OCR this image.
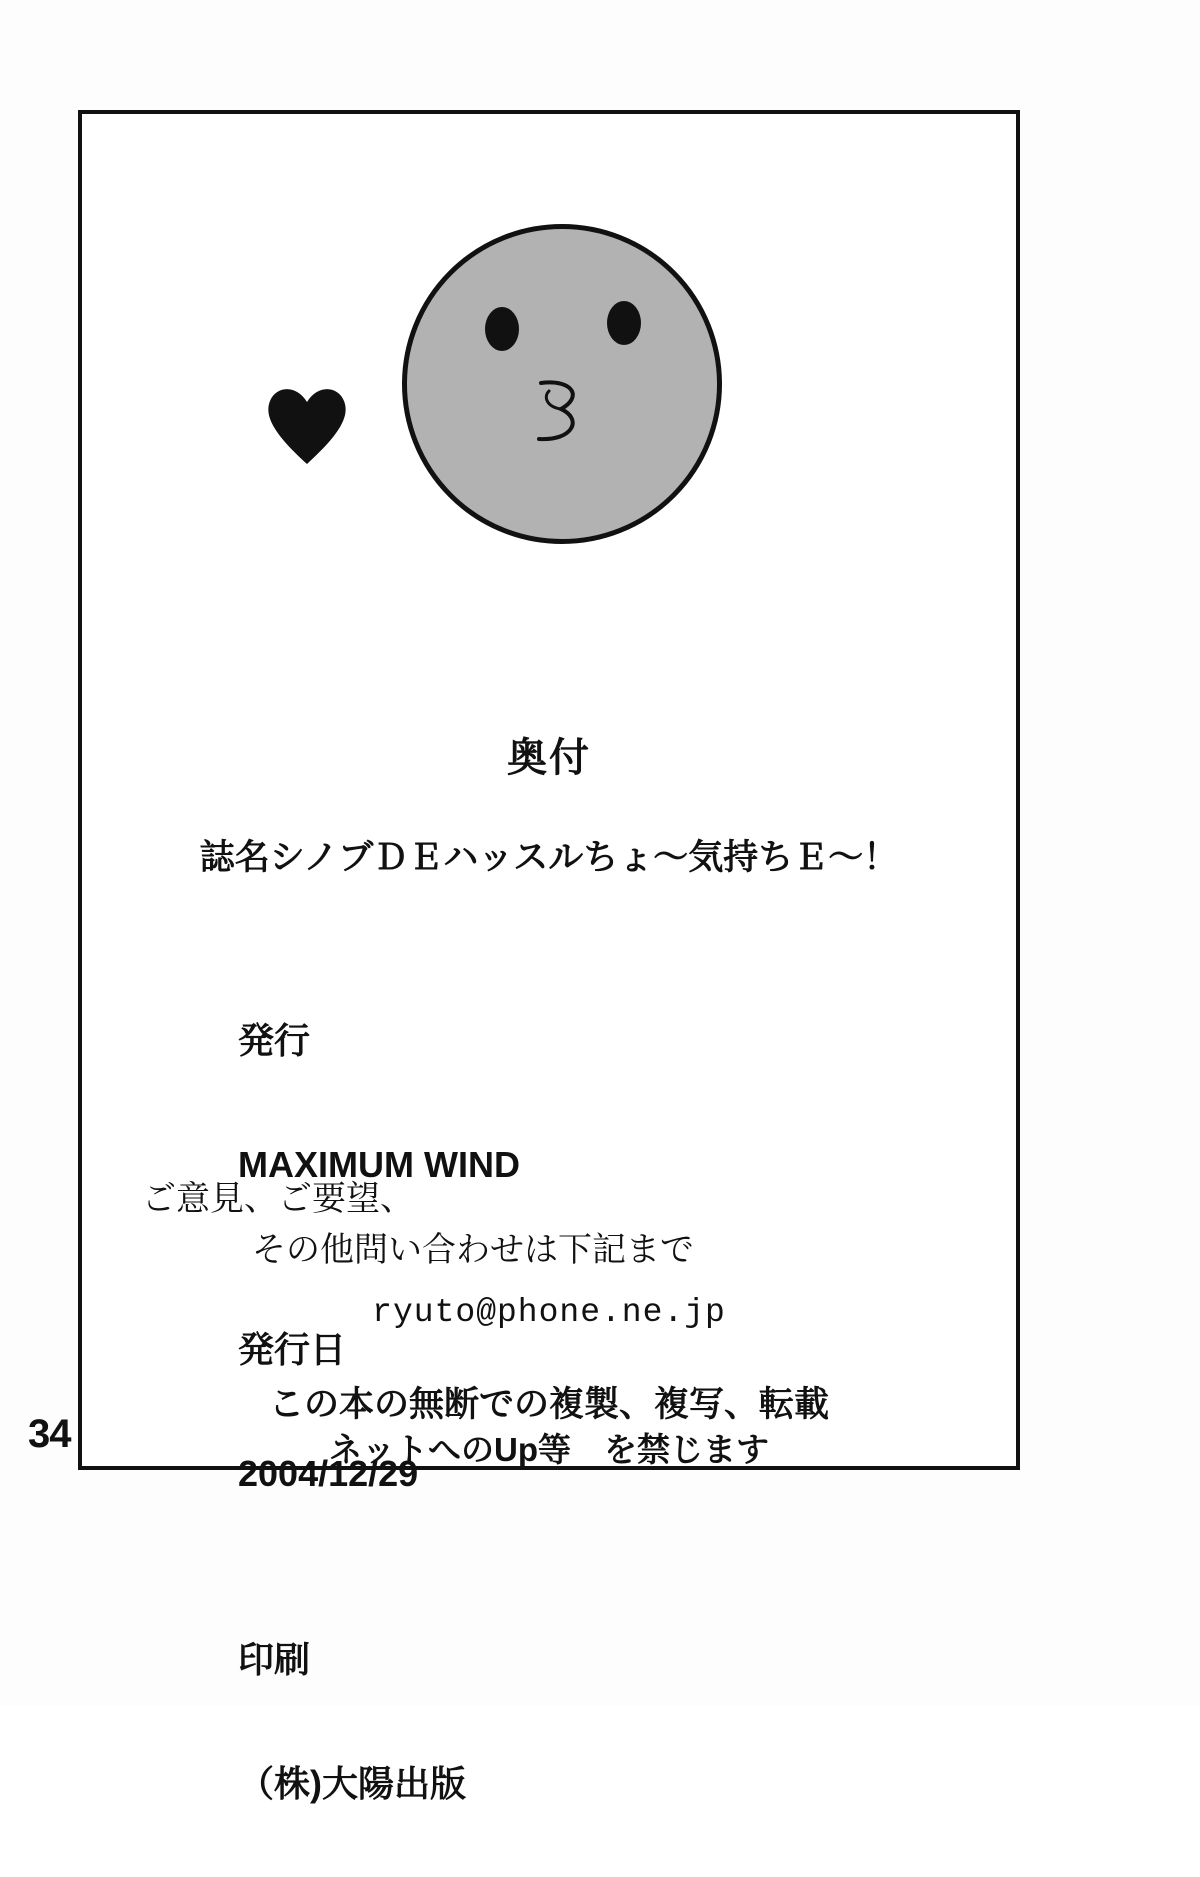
奥付
誌名シノブＤＥハッスルちょ〜気持ちＥ〜！

発行

MAXIMUM WIND

発行日

2004/12/29

印刷

（株)大陽出版

ご意見、ご要望、
その他問い合わせは下記まで
ryuto@phone.ne.jp
この本の無断での複製、複写、転載
ネットへのUp等　を禁じます
34
